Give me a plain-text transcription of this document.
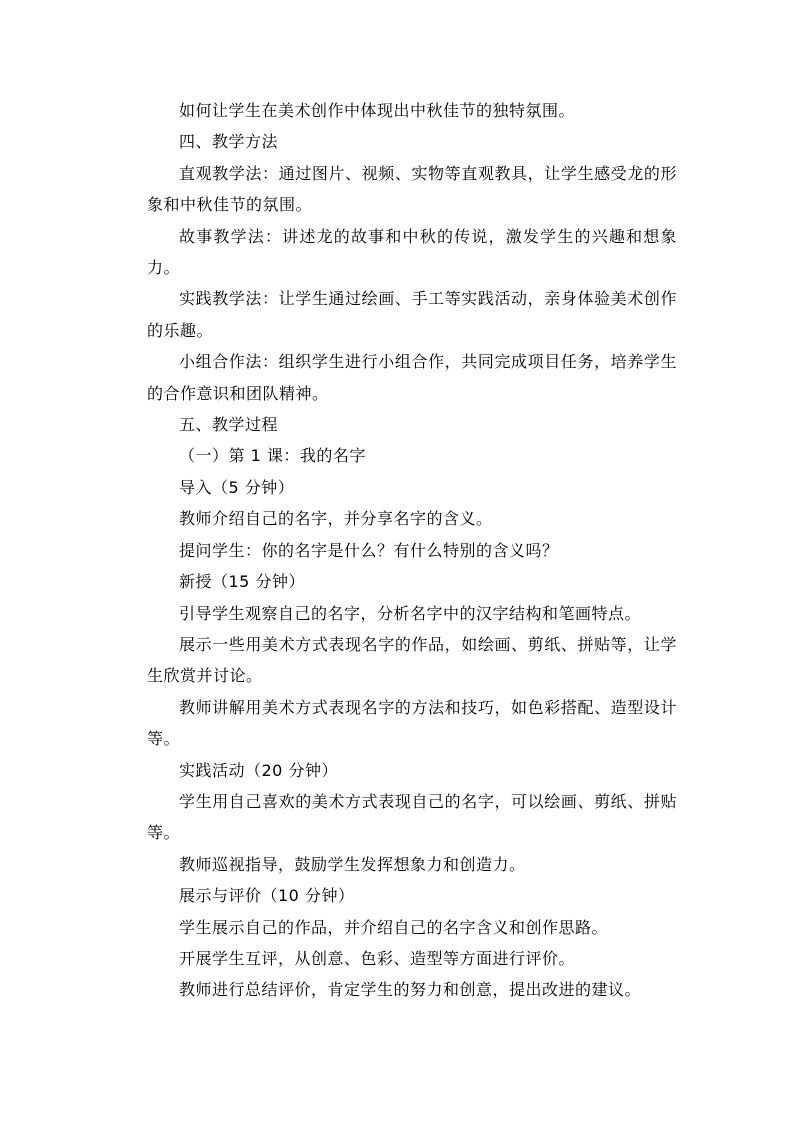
如何让学生在美术创作中体现出中秋佳节的独特氛围。

四、教学方法

直观教学法：通过图片、视频、实物等直观教具，让学生感受龙的形象和中秋佳节的氛围。

故事教学法：讲述龙的故事和中秋的传说，激发学生的兴趣和想象力。

实践教学法：让学生通过绘画、手工等实践活动，亲身体验美术创作的乐趣。

小组合作法：组织学生进行小组合作，共同完成项目任务，培养学生的合作意识和团队精神。

五、教学过程

（一）第 1 课：我的名字

导入（5 分钟）

教师介绍自己的名字，并分享名字的含义。

提问学生：你的名字是什么？有什么特别的含义吗？

新授（15 分钟）

引导学生观察自己的名字，分析名字中的汉字结构和笔画特点。

展示一些用美术方式表现名字的作品，如绘画、剪纸、拼贴等，让学生欣赏并讨论。

教师讲解用美术方式表现名字的方法和技巧，如色彩搭配、造型设计等。

实践活动（20 分钟）

学生用自己喜欢的美术方式表现自己的名字，可以绘画、剪纸、拼贴等。

教师巡视指导，鼓励学生发挥想象力和创造力。

展示与评价（10 分钟）

学生展示自己的作品，并介绍自己的名字含义和创作思路。

开展学生互评，从创意、色彩、造型等方面进行评价。

教师进行总结评价，肯定学生的努力和创意，提出改进的建议。
